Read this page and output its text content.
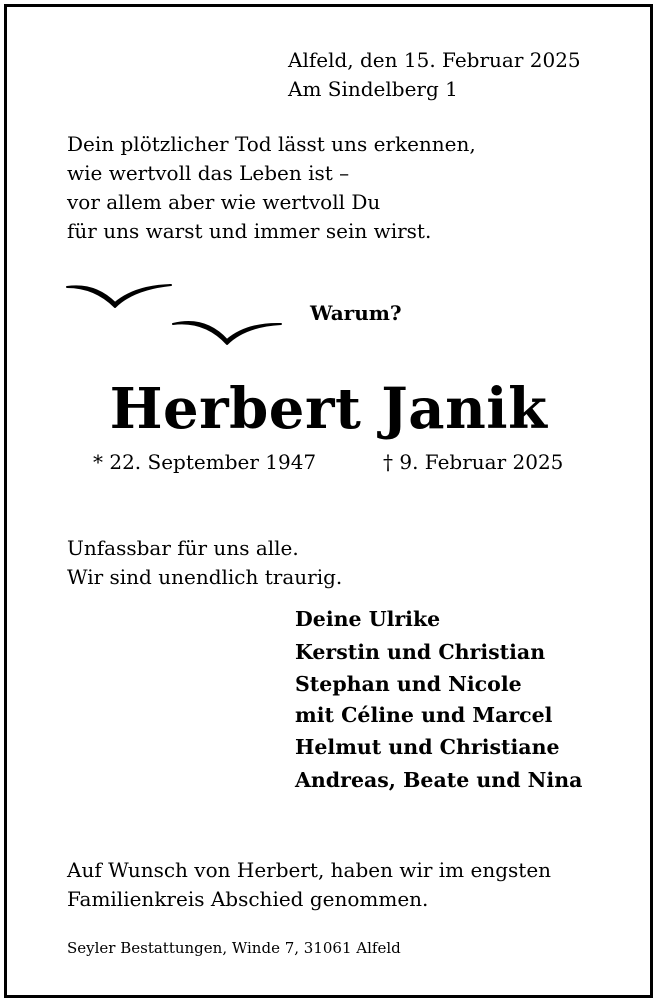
Alfeld, den 15. Februar 2025
Am Sindelberg 1
Dein plötzlicher Tod lässt uns erkennen,
wie wertvoll das Leben ist –
vor allem aber wie wertvoll Du
für uns warst und immer sein wirst.
Warum?
Herbert Janik
* 22. September 1947	† 9. Februar 2025
Unfassbar für uns alle.
Wir sind unendlich traurig.
Deine Ulrike
Kerstin und Christian
Stephan und Nicole
mit Céline und Marcel
Helmut und Christiane
Andreas, Beate und Nina
Auf Wunsch von Herbert, haben wir im engsten Familienkreis Abschied genommen.
Seyler Bestattungen, Winde 7, 31061 Alfeld
